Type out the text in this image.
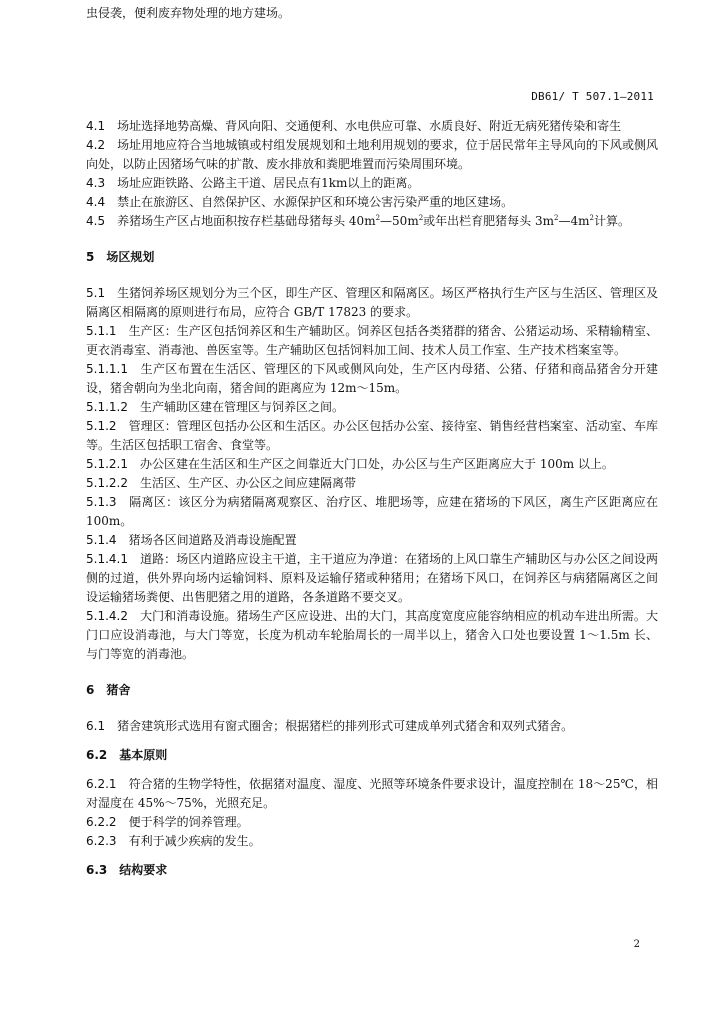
虫侵袭，便利废弃物处理的地方建场。

DB61/ T 507.1—2011

4.1　 场址选择地势高燥、背风向阳、交通便利、水电供应可靠、水质良好、附近无病死猪传染和寄生

4.2　 场址用地应符合当地城镇或村组发展规划和土地利用规划的要求，位于居民常年主导风向的下风或侧风向处，以防止因猪场气味的扩散、废水排放和粪肥堆置而污染周围环境。

4.3　 场址应距铁路、公路主干道、居民点有1km以上的距离。

4.4　 禁止在旅游区、自然保护区、水源保护区和环境公害污染严重的地区建场。

4.5　 养猪场生产区占地面积按存栏基础母猪每头 $40m^2—50m^2$或年出栏育肥猪每头 $3m^2—4m^2$计算。

5　场区规划

5.1　 生猪饲养场区规划分为三个区，即生产区、管理区和隔离区。场区严格执行生产区与生活区、管理区及隔离区相隔离的原则进行布局，应符合 GB/T 17823 的要求。

5.1.1　 生产区：生产区包括饲养区和生产辅助区。饲养区包括各类猪群的猪舍、公猪运动场、采精输精室、更衣消毒室、消毒池、兽医室等。生产辅助区包括饲料加工间、技术人员工作室、生产技术档案室等。

5.1.1.1　 生产区布置在生活区、管理区的下风或侧风向处，生产区内母猪、公猪、仔猪和商品猪舍分开建设，猪舍朝向为坐北向南，猪舍间的距离应为 12m～15m。

5.1.1.2　 生产辅助区建在管理区与饲养区之间。

5.1.2　 管理区：管理区包括办公区和生活区。办公区包括办公室、接待室、销售经营档案室、活动室、车库等。生活区包括职工宿舍、食堂等。

5.1.2.1　 办公区建在生活区和生产区之间靠近大门口处，办公区与生产区距离应大于 100m 以上。

5.1.2.2　 生活区、生产区、办公区之间应建隔离带

5.1.3　 隔离区：该区分为病猪隔离观察区、治疗区、堆肥场等，应建在猪场的下风区，离生产区距离应在 100m。

5.1.4　 猪场各区间道路及消毒设施配置

5.1.4.1　 道路：场区内道路应设主干道，主干道应为净道：在猪场的上风口靠生产辅助区与办公区之间设两侧的过道，供外界向场内运输饲料、原料及运输仔猪或种猪用；在猪场下风口，在饲养区与病猪隔离区之间设运输猪场粪便、出售肥猪之用的道路，各条道路不要交叉。

5.1.4.2　 大门和消毒设施。猪场生产区应设进、出的大门，其高度宽度应能容纳相应的机动车进出所需。大门口应设消毒池，与大门等宽，长度为机动车轮胎周长的一周半以上，猪舍入口处也要设置 1～1.5m 长、与门等宽的消毒池。

6　猪舍

6.1　 猪舍建筑形式选用有窗式圈舍；根据猪栏的排列形式可建成单列式猪舍和双列式猪舍。

6.2　基本原则

6.2.1　 符合猪的生物学特性，依据猪对温度、湿度、光照等环境条件要求设计，温度控制在 18～25℃，相对湿度在 45%～75%，光照充足。

6.2.2　 便于科学的饲养管理。

6.2.3　 有利于减少疾病的发生。

6.3　结构要求

2
